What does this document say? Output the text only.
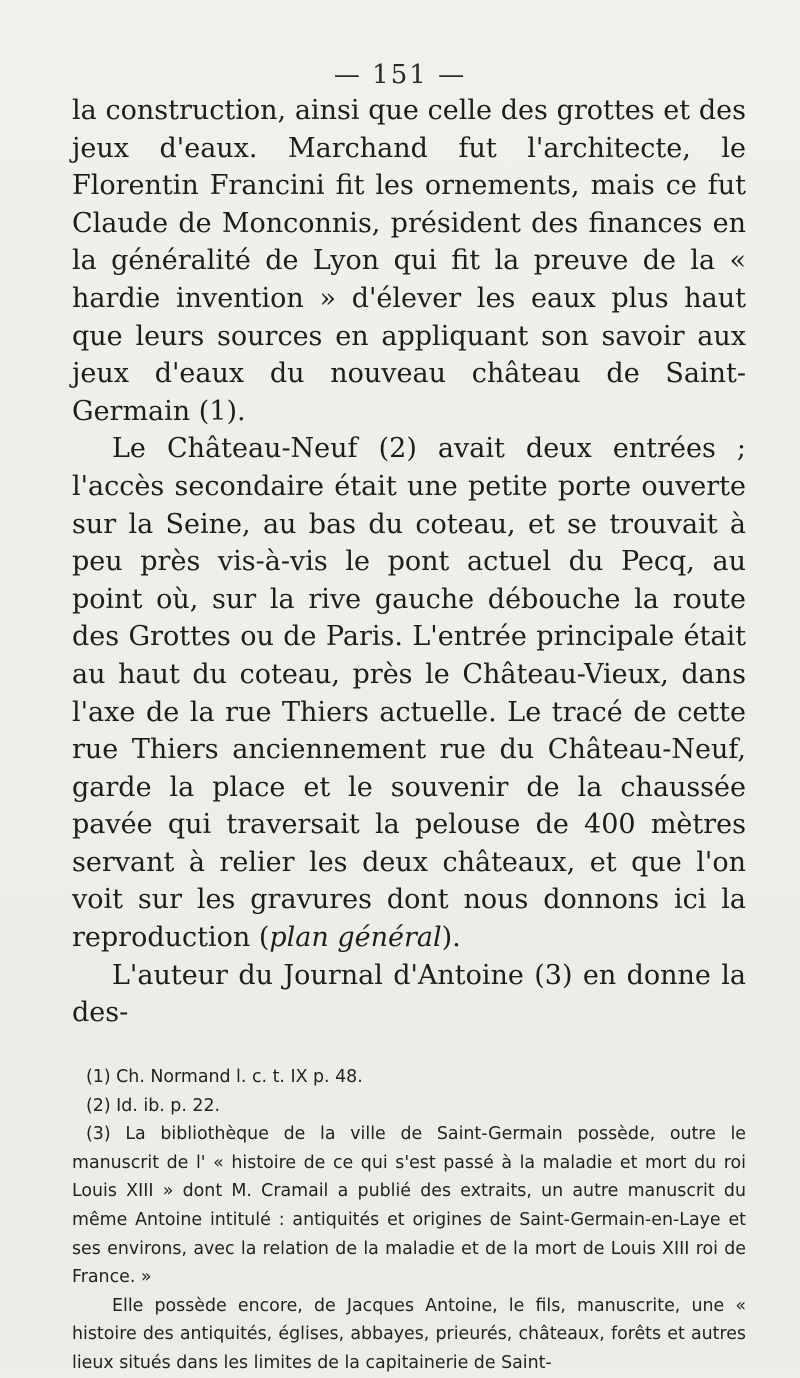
— 151 —

la construction, ainsi que celle des grottes et des jeux d'eaux. Marchand fut l'architecte, le Florentin Francini fit les ornements, mais ce fut Claude de Monconnis, président des finances en la généralité de Lyon qui fit la preuve de la « hardie invention » d'élever les eaux plus haut que leurs sources en appliquant son savoir aux jeux d'eaux du nouveau château de Saint-Germain (1).

Le Château-Neuf (2) avait deux entrées ; l'accès secondaire était une petite porte ouverte sur la Seine, au bas du coteau, et se trouvait à peu près vis-à-vis le pont actuel du Pecq, au point où, sur la rive gauche débouche la route des Grottes ou de Paris. L'entrée principale était au haut du coteau, près le Château-Vieux, dans l'axe de la rue Thiers actuelle. Le tracé de cette rue Thiers anciennement rue du Château-Neuf, garde la place et le souvenir de la chaussée pavée qui traversait la pelouse de 400 mètres servant à relier les deux châteaux, et que l'on voit sur les gravures dont nous donnons ici la reproduction (plan général).

L'auteur du Journal d'Antoine (3) en donne la des-

(1) Ch. Normand l. c. t. IX p. 48.

(2) Id. ib. p. 22.

(3) La bibliothèque de la ville de Saint-Germain possède, outre le manuscrit de l' « histoire de ce qui s'est passé à la maladie et mort du roi Louis XIII » dont M. Cramail a publié des extraits, un autre manuscrit du même Antoine intitulé : antiquités et origines de Saint-Germain-en-Laye et ses environs, avec la relation de la maladie et de la mort de Louis XIII roi de France. »

Elle possède encore, de Jacques Antoine, le fils, manuscrite, une « histoire des antiquités, églises, abbayes, prieurés, châteaux, forêts et autres lieux situés dans les limites de la capitainerie de Saint-
